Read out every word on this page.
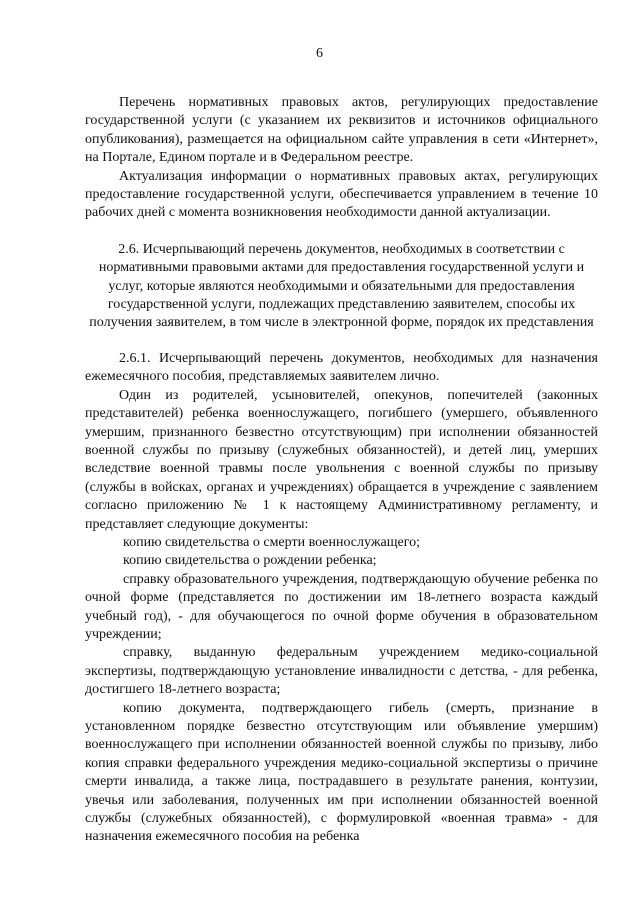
6

Перечень нормативных правовых актов, регулирующих предоставление государственной услуги (с указанием их реквизитов и источников официального опубликования), размещается на официальном сайте управления в сети «Интернет», на Портале, Едином портале и в Федеральном реестре.

Актуализация информации о нормативных правовых актах, регулирующих предоставление государственной услуги, обеспечивается управлением в течение 10 рабочих дней с момента возникновения необходимости данной актуализации.

2.6. Исчерпывающий перечень документов, необходимых в соответствии с нормативными правовыми актами для предоставления государственной услуги и услуг, которые являются необходимыми и обязательными для предоставления государственной услуги, подлежащих представлению заявителем, способы их получения заявителем, в том числе в электронной форме, порядок их представления

2.6.1. Исчерпывающий перечень документов, необходимых для назначения ежемесячного пособия, представляемых заявителем лично.

Один из родителей, усыновителей, опекунов, попечителей (законных представителей) ребенка военнослужащего, погибшего (умершего, объявленного умершим, признанного безвестно отсутствующим) при исполнении обязанностей военной службы по призыву (служебных обязанностей), и детей лиц, умерших вследствие военной травмы после увольнения с военной службы по призыву (службы в войсках, органах и учреждениях) обращается в учреждение с заявлением согласно приложению № 1 к настоящему Административному регламенту, и представляет следующие документы:

копию свидетельства о смерти военнослужащего;

копию свидетельства о рождении ребенка;

справку образовательного учреждения, подтверждающую обучение ребенка по очной форме (представляется по достижении им 18-летнего возраста каждый учебный год), - для обучающегося по очной форме обучения в образовательном учреждении;

справку, выданную федеральным учреждением медико-социальной экспертизы, подтверждающую установление инвалидности с детства, - для ребенка, достигшего 18-летнего возраста;

копию документа, подтверждающего гибель (смерть, признание в установленном порядке безвестно отсутствующим или объявление умершим) военнослужащего при исполнении обязанностей военной службы по призыву, либо копия справки федерального учреждения медико-социальной экспертизы о причине смерти инвалида, а также лица, пострадавшего в результате ранения, контузии, увечья или заболевания, полученных им при исполнении обязанностей военной службы (служебных обязанностей), с формулировкой «военная травма» - для назначения ежемесячного пособия на ребенка
